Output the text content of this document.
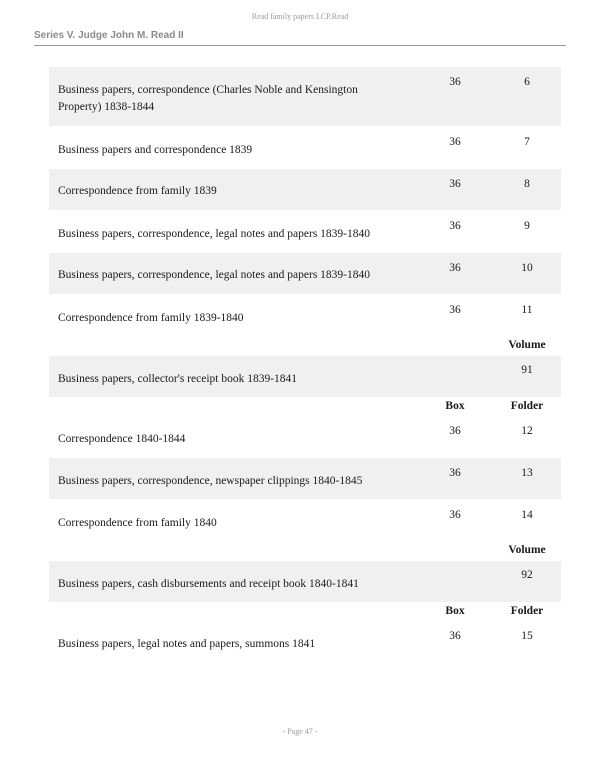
Read family papers LCP.Read
Series V. Judge John M. Read II
Business papers, correspondence (Charles Noble and Kensington Property) 1838-1844
36	6
Business papers and correspondence 1839
36	7
Correspondence from family 1839
36	8
Business papers, correspondence, legal notes and papers 1839-1840
36	9
Business papers, correspondence, legal notes and papers 1839-1840
36	10
Correspondence from family 1839-1840
36	11
Volume
Business papers, collector's receipt book 1839-1841
91
Box	Folder
Correspondence 1840-1844
36	12
Business papers, correspondence, newspaper clippings 1840-1845
36	13
Correspondence from family 1840
36	14
Volume
Business papers, cash disbursements and receipt book 1840-1841
92
Box	Folder
Business papers, legal notes and papers, summons 1841
36	15
- Page 47 -
